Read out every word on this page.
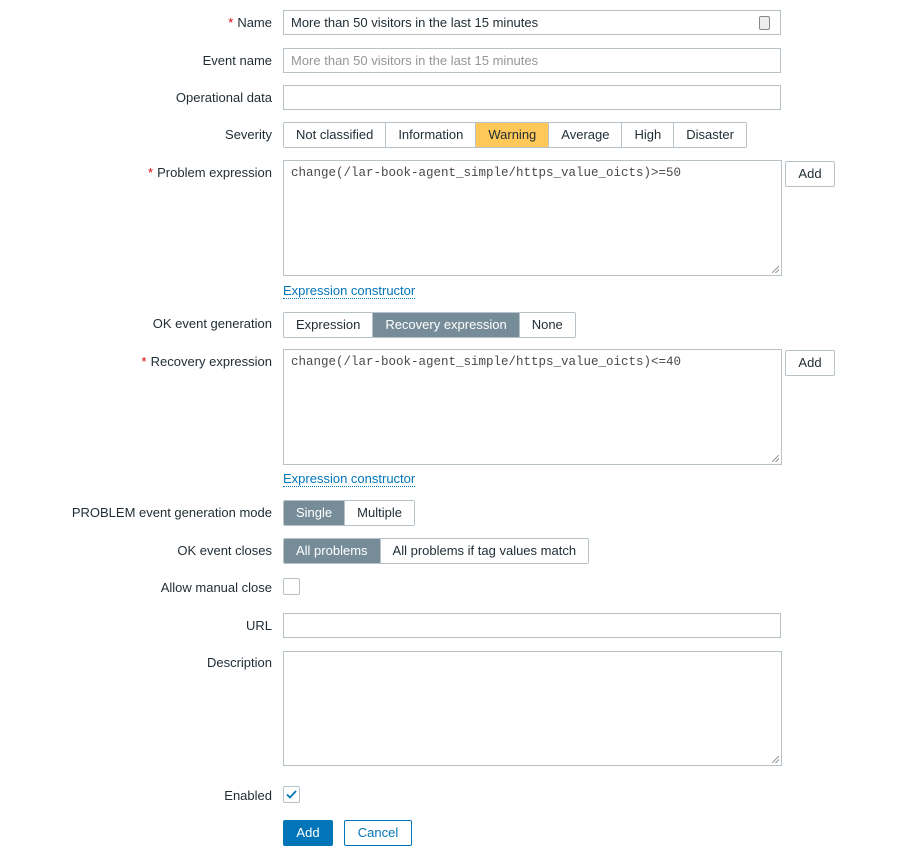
* Name	More than 50 visitors in the last 15 minutes
Event name	More than 50 visitors in the last 15 minutes
Operational data
Severity	Not classified	Information	Warning	Average	High	Disaster
* Problem expression	change(/lar-book-agent_simple/https_value_oicts)>=50	Add
Expression constructor
OK event generation	Expression	Recovery expression	None
* Recovery expression	change(/lar-book-agent_simple/https_value_oicts)<=40	Add
Expression constructor
PROBLEM event generation mode	Single	Multiple
OK event closes	All problems	All problems if tag values match
Allow manual close
URL
Description
Enabled
Add	Cancel
